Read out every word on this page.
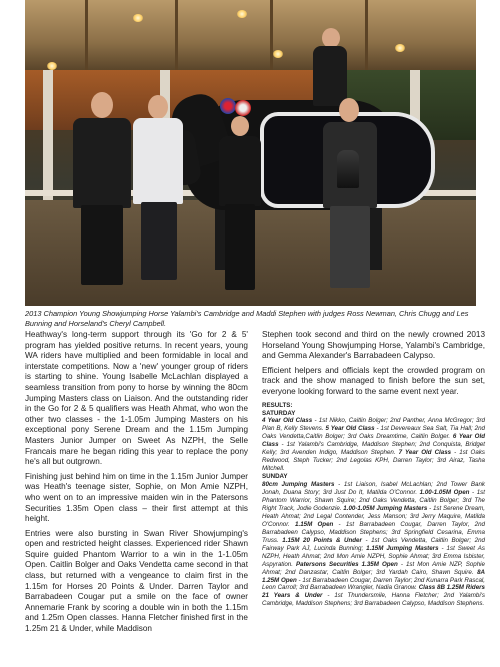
2013 Champion Young Showjumping Horse Yalambi's Cambridge and Maddi Stephen with judges Ross Newman, Chris Chugg and Les Bunning and Horseland's Cheryl Campbell.

Heathway's long-term support through its 'Go for 2 & 5' program has yielded positive returns. In recent years, young WA riders have multiplied and been formidable in local and interstate competitions. Now a 'new' younger group of riders is starting to shine. Young Isabelle McLachlan displayed a seamless transition from pony to horse by winning the 80cm Jumping Masters class on Liaison. And the outstanding rider in the Go for 2 & 5 qualifiers was Heath Ahmat, who won the other two classes - the 1-1.05m Jumping Masters on his exceptional pony Serene Dream and the 1.15m Jumping Masters Junior Jumper on Sweet As NZPH, the Selle Francais mare he began riding this year to replace the pony he's all but outgrown.

Finishing just behind him on time in the 1.15m Junior Jumper was Heath's teenage sister, Sophie, on Mon Amie NZPH, who went on to an impressive maiden win in the Patersons Securities 1.35m Open class – their first attempt at this height.

Entries were also bursting in Swan River Showjumping's open and restricted height classes. Experienced rider Shawn Squire guided Phantom Warrior to a win in the 1-1.05m Open. Caitlin Bolger and Oaks Vendetta came second in that class, but returned with a vengeance to claim first in the 1.15m for Horses 20 Points & Under. Darren Taylor and Barrabadeen Cougar put a smile on the face of owner Annemarie Frank by scoring a double win in both the 1.15m and 1.25m Open classes. Hanna Fletcher finished first in the 1.25m 21 & Under, while Maddison

Stephen took second and third on the newly crowned 2013 Horseland Young Showjumping Horse, Yalambi's Cambridge, and Gemma Alexander's Barrabadeen Calypso.

Efficient helpers and officials kept the crowded program on track and the show managed to finish before the sun set, everyone looking forward to the same event next year.

RESULTS:
SATURDAY
4 Year Old Class - 1st Nikko, Caitlin Bolger; 2nd Panther, Anna McGregor; 3rd Plan B, Kelly Stevens. 5 Year Old Class - 1st Devereaux Sea Salt, Tia Hall; 2nd Oaks Vendetta,Caitlin Bolger; 3rd Oaks Dreamtime, Caitlin Bolger. 6 Year Old Class - 1st Yalambi's Cambridge, Maddison Stephen; 2nd Conquista, Bridget Kelly; 3rd Avenden Indigo, Maddison Stephen. 7 Year Old Class - 1st Oaks Redwood, Steph Tucker; 2nd Legolas KPH, Darren Taylor; 3rd Airaz, Tasha Mitchell.
SUNDAY
80cm Jumping Masters - 1st Liaison, Isabel McLachlan; 2nd Tower Bank Jonah, Duana Story; 3rd Just Do It, Matilda O'Connor. 1.00-1.05M Open - 1st Phantom Warrior, Shawn Squire; 2nd Oaks Vendetta, Caitlin Bolger; 3rd The Right Track, Jodie Godenzie. 1.00-1.05M Jumping Masters - 1st Serene Dream, Heath Ahmat; 2nd Legal Contender, Jess Manson; 3rd Jerry Maquire, Matilda O'Connor. 1.15M Open - 1st Barrabadeen Cougar, Darren Taylor, 2nd Barrabadeen Calypso, Maddison Stephens; 3rd Springfield Cesarina, Emma Truss. 1.15M 20 Points & Under - 1st Oaks Vendetta, Caitlin Bolger; 2nd Fairway Park AJ, Lucinda Bunning; 1.15M Jumping Masters - 1st Sweet As NZPH, Heath Ahmat; 2nd Mon Amie NZPH, Sophie Ahmat; 3rd Emma Isbister, Aspyration. Patersons Securities 1.35M Open - 1st Mon Amie NZP, Sophie Ahmat; 2nd Danzastar, Caitlin Bolger; 3rd Yardah Cairo, Shawn Squire. 8A 1.25M Open - 1st Barrabadeen Cougar, Darren Taylor; 2nd Kunarra Park Rascal, Leon Carroll; 3rd Barrabadeen Wrangler, Nadia Granow. Class 8B 1.25M Riders 21 Years & Under - 1st Thundersmile, Hanna Fletcher; 2nd Yalambi's Cambridge, Maddison Stephens; 3rd Barrabadeen Calypso, Maddison Stephens.
